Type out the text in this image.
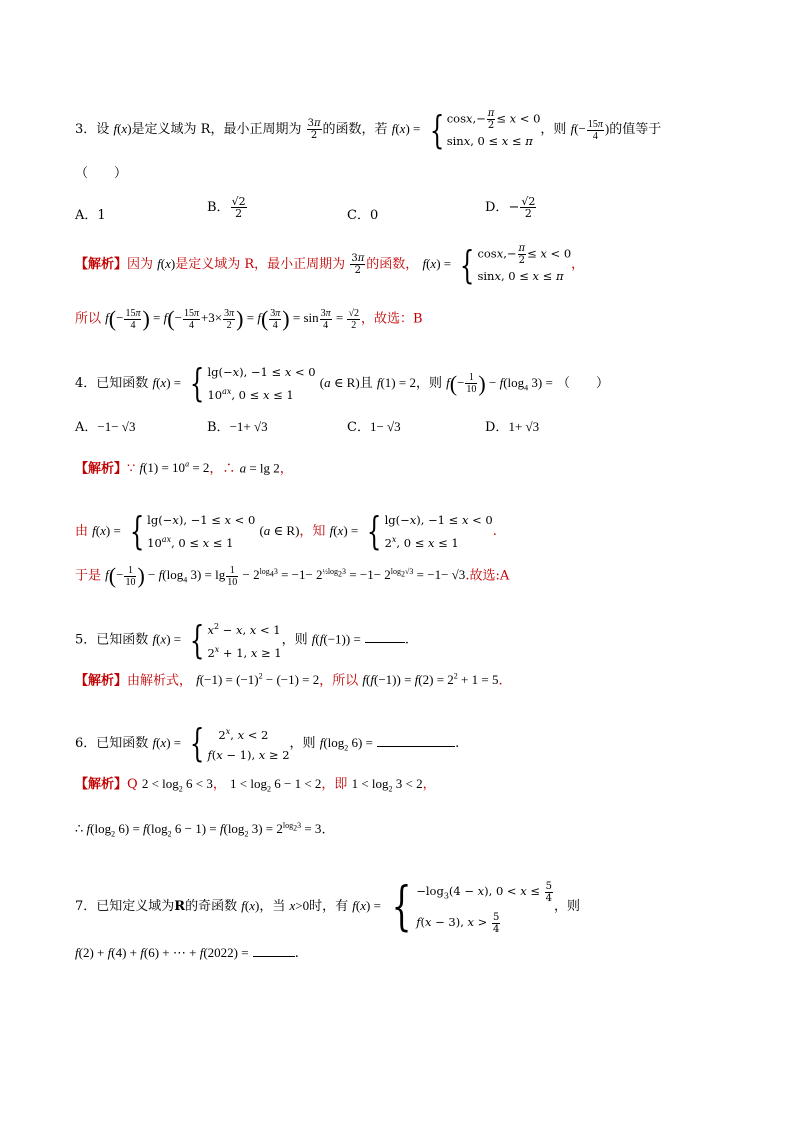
3．设 f(x)是定义域为 R，最小正周期为 $\frac{3\pi}{2}$ 的函数，若 f(x) = { $\cos x,- \frac{\pi}{2} \le x < 0$
sinx, 0 ≤ x ≤ π
，则 $f(- \frac{15\pi}{4}$ )的值等于
（　　）
A．1
B． $\frac{√2}{2}$	C．0
D．− $\frac{√2}{2}$
【解析】因为 f(x)是定义域为 R，最小正周期为 $\frac{3\pi}{2}$ 的函数， f(x) = { $\cos x,- \frac{\pi}{2} \le x < 0$
sinx, 0 ≤ x ≤ π
，
所以 $f(- \frac{15\pi}{4}$ ) = $f(- \frac{15\pi}{4} +3\times \frac{3\pi}{2}$ ) = $f( \frac{3\pi}{4}$ ) = $\sin \frac{3\pi}{4} = \frac{√2}{2}$ ，故选：B
4．已知函数 f(x) = { lg(−x), −1 ≤ x < 0
$10^{ax}$, 0 ≤ x ≤ 1
(a ∈ R)且 f(1) = 2，则 $f(- \frac{1}{10}$ ) − $f(\log_4$ 3) = （　　）
A．−1− √3	B．−1+ √3	C．1− √3	D．1+ √3
【解析】∵ $f(1) = 10^a = 2$，∴ a = lg 2，
由 f(x) = { lg(−x), −1 ≤ x < 0
$10^{ax}$, 0 ≤ x ≤ 1
(a ∈ R)，知 f(x) = { lg(−x), −1 ≤ x < 0
2$^x$, 0 ≤ x ≤ 1
.
于是 $f(- \frac{1}{10}$ ) − $f(\log_4$ $3) = \lg \frac{1}{10} - 2^{log_43} = -1- 2^{\frac{1}{2}log_23} = -1- 2^{log_2√3} = -1- √3$.故选:A
5．已知函数 f(x) = { $x^2 - x$, x < 1
$2^x + 1$, x ≥ 1
，则 f(f(−1)) =	.
【解析】由解析式， $f(-1) = (-1)^2 - (-1) = 2$，所以 $f(f(-1)) = f(2) = 2^2 + 1 = 5$.
6．已知函数 f(x) = { 2$^x$, x < 2
f(x − 1), x ≥ 2
，则 $f(\log_2$ 6) =	.
【解析】Q $2 < \log_2 6 < 3$， $1 < \log_2 6 - 1 < 2$，即 $1 < \log_2 3 < 2$，
∴ $f(\log_2$ $6) = f(\log_2$ $6 - 1) = f(\log_2$ $3) = 2^{log_23} = 3$.
7．已知定义域为R的奇函数 f(x)，当 x>0时，有 f(x) = { $-\log_3(4 - x)$, $0 < x \le \frac{5}{4}$
f(x − 3), $x > \frac{5}{4}$
，则
f(2) + f(4) + f(6) + ⋯ + f(2022) =	.
